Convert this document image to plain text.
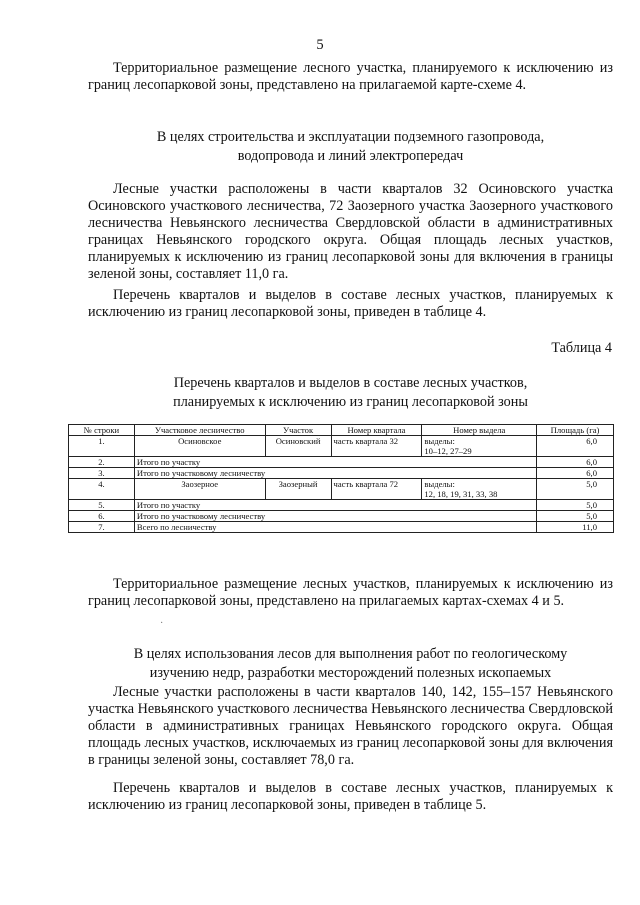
5

Территориальное размещение лесного участка, планируемого к исключению из границ лесопарковой зоны, представлено на прилагаемой карте-схеме 4.

В целях строительства и эксплуатации подземного газопровода,
водопровода и линий электропередач

Лесные участки расположены в части кварталов 32 Осиновского участка Осиновского участкового лесничества, 72 Заозерного участка Заозерного участкового лесничества Невьянского лесничества Свердловской области в административных границах Невьянского городского округа. Общая площадь лесных участков, планируемых к исключению из границ лесопарковой зоны для включения в границы зеленой зоны, составляет 11,0 га.

Перечень кварталов и выделов в составе лесных участков, планируемых к исключению из границ лесопарковой зоны, приведен в таблице 4.

Таблица 4
Перечень кварталов и выделов в составе лесных участков,
планируемых к исключению из границ лесопарковой зоны
№ строки	Участковое лесничество	Участок	Номер квартала	Номер выдела	Площадь (га)
1.	Осиновское	Осиновский	часть квартала 32	выделы:
10–12, 27–29	6,0
2.	Итого по участку				6,0
3.	Итого по участковому лесничеству				6,0
4.	Заозерное	Заозерный	часть квартала 72	выделы:
12, 18, 19, 31, 33, 38	5,0
5.	Итого по участку				5,0
6.	Итого по участковому лесничеству				5,0
7.	Всего по лесничеству				11,0

Территориальное размещение лесных участков, планируемых к исключению из границ лесопарковой зоны, представлено на прилагаемых картах-схемах 4 и 5.

·
В целях использования лесов для выполнения работ по геологическому
изучению недр, разработки месторождений полезных ископаемых

Лесные участки расположены в части кварталов 140, 142, 155–157 Невьянского участка Невьянского участкового лесничества Невьянского лесничества Свердловской области в административных границах Невьянского городского округа. Общая площадь лесных участков, исключаемых из границ лесопарковой зоны для включения в границы зеленой зоны, составляет 78,0 га.

Перечень кварталов и выделов в составе лесных участков, планируемых к исключению из границ лесопарковой зоны, приведен в таблице 5.
